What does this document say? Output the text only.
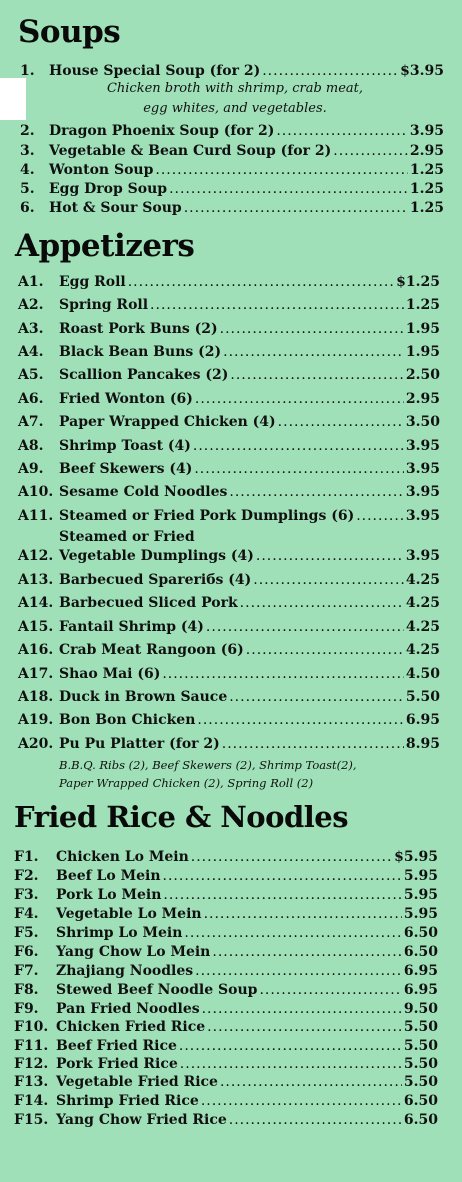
Soups
1.	House Special Soup (for 2) .....	$3.95
2.	Dragon Phoenix Soup (for 2) .....	3.95
3.	Vegetable & Bean Curd Soup (for 2) .....	2.95
4.	Wonton Soup .....	1.25
5.	Egg Drop Soup .....	1.25
6.	Hot & Sour Soup .....	1.25
Chicken broth with shrimp, crab meat,
egg whites, and vegetables.
Appetizers
A1.	Egg Roll .....	$1.25
A2.	Spring Roll .....	1.25
A3.	Roast Pork Buns (2) .....	1.95
A4.	Black Bean Buns (2) .....	1.95
A5.	Scallion Pancakes (2) .....	2.50
A6.	Fried Wonton (6) .....	2.95
A7.	Paper Wrapped Chicken (4) .....	3.50
A8.	Shrimp Toast (4) .....	3.95
A9.	Beef Skewers (4) .....	3.95
A10. Sesame Cold Noodles .....	3.95
A11. Steamed or Fried Pork Dumplings (6) .....	3.95
A12. Vegetable Dumplings (4) .....	3.95
A13. Barbecued Sparerібs (4) .....	4.25
A14. Barbecued Sliced Pork .....	4.25
A15. Fantail Shrimp (4) .....	4.25
A16. Crab Meat Rangoon (6) .....	4.25
A17. Shao Mai (6) .....	4.50
A18. Duck in Brown Sauce .....	5.50
A19. Bon Bon Chicken .....	6.95
A20. Pu Pu Platter (for 2) .....	8.95
Steamed or Fried
B.B.Q. Ribs (2), Beef Skewers (2), Shrimp Toast(2),
Paper Wrapped Chicken (2), Spring Roll (2)
Fried Rice & Noodles
F1.	Chicken Lo Mein .....	$5.95
F2.	Beef Lo Mein .....	5.95
F3.	Pork Lo Mein .....	5.95
F4.	Vegetable Lo Mein .....	5.95
F5.	Shrimp Lo Mein .....	6.50
F6.	Yang Chow Lo Mein .....	6.50
F7.	Zhajiang Noodles .....	6.95
F8.	Stewed Beef Noodle Soup .....	6.95
F9.	Pan Fried Noodles .....	9.50
F10. Chicken Fried Rice .....	5.50
F11. Beef Fried Rice .....	5.50
F12. Pork Fried Rice .....	5.50
F13. Vegetable Fried Rice .....	5.50
F14. Shrimp Fried Rice .....	6.50
F15. Yang Chow Fried Rice .....	6.50
